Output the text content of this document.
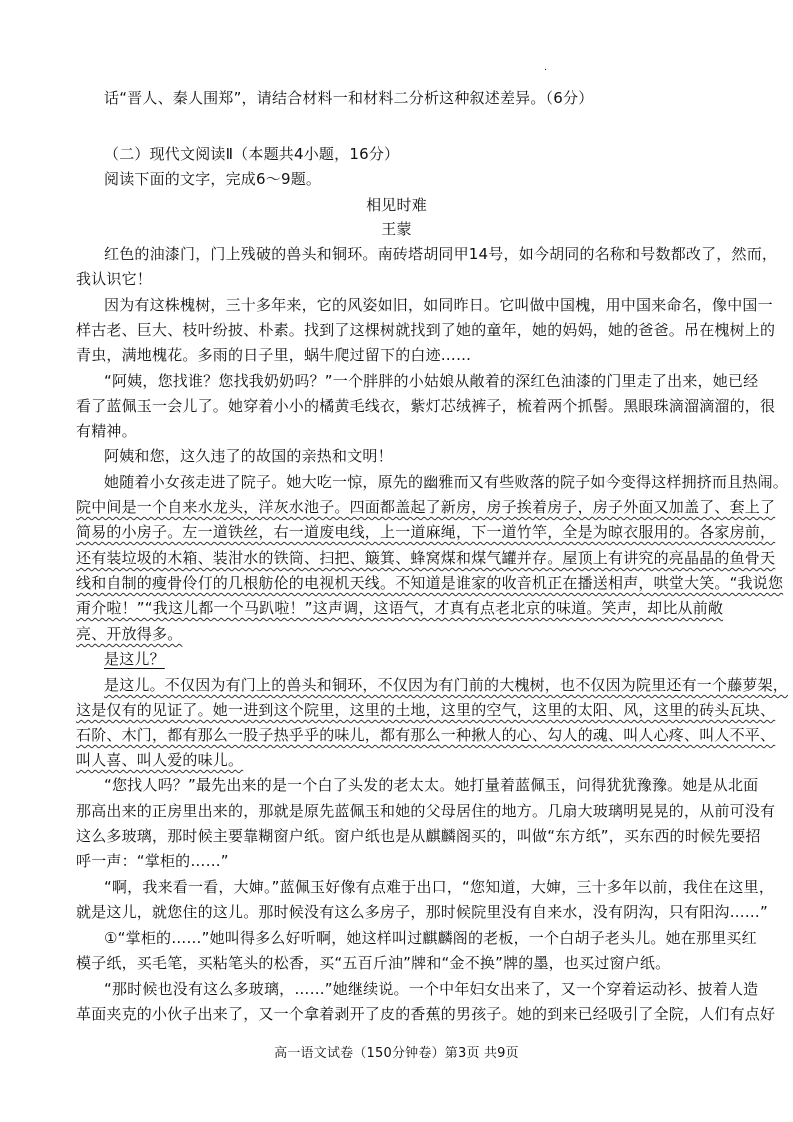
.
话“晋人、秦人围郑”，请结合材料一和材料二分析这种叙述差异。（6分）
（二）现代文阅读Ⅱ（本题共4小题，16分）
阅读下面的文字，完成6～9题。
相见时难
王蒙
红色的油漆门，门上残破的兽头和铜环。南砖塔胡同甲14号，如今胡同的名称和号数都改了，然而，
我认识它！
因为有这株槐树，三十多年来，它的风姿如旧，如同昨日。它叫做中国槐，用中国来命名，像中国一
样古老、巨大、枝叶纷披、朴素。找到了这棵树就找到了她的童年，她的妈妈，她的爸爸。吊在槐树上的
青虫，满地槐花。多雨的日子里，蜗牛爬过留下的白迹……
“阿姨，您找谁？您找我奶奶吗？”一个胖胖的小姑娘从敞着的深红色油漆的门里走了出来，她已经
看了蓝佩玉一会儿了。她穿着小小的橘黄毛线衣，紫灯芯绒裤子，梳着两个抓髻。黑眼珠滴溜滴溜的，很
有精神。
阿姨和您，这久违了的故国的亲热和文明！
她随着小女孩走进了院子。她大吃一惊，原先的幽雅而又有些败落的院子如今变得这样拥挤而且热闹。
院中间是一个自来水龙头，洋灰水池子。四面都盖起了新房，房子挨着房子，房子外面又加盖了、套上了
简易的小房子。左一道铁丝，右一道废电线，上一道麻绳，下一道竹竿，全是为晾衣服用的。各家房前，
还有装垃圾的木箱、装泔水的铁筒、扫把、簸箕、蜂窝煤和煤气罐并存。屋顶上有讲究的亮晶晶的鱼骨天
线和自制的瘦骨伶仃的几根舫伦的电视机天线。不知道是谁家的收音机正在播送相声，哄堂大笑。“我说您
甭介啦！”“我这儿都一个马趴啦！”这声调，这语气，才真有点老北京的味道。笑声，却比从前敞
亮、开放得多。
是这儿？
是这儿。不仅因为有门上的兽头和铜环，不仅因为有门前的大槐树，也不仅因为院里还有一个藤萝架，
这是仅有的见证了。她一进到这个院里，这里的土地，这里的空气，这里的太阳、风，这里的砖头瓦块、
石阶、木门，都有那么一股子热乎乎的味儿，都有那么一种揪人的心、勾人的魂、叫人心疼、叫人不平、
叫人喜、叫人爱的味儿。
“您找人吗？”最先出来的是一个白了头发的老太太。她打量着蓝佩玉，问得犹犹豫豫。她是从北面
那高出来的正房里出来的，那就是原先蓝佩玉和她的父母居住的地方。几扇大玻璃明晃晃的，从前可没有
这么多玻璃，那时候主要靠糊窗户纸。窗户纸也是从麒麟阁买的，叫做“东方纸”，买东西的时候先要招
呼一声：“掌柜的……”
“啊，我来看一看，大婶。”蓝佩玉好像有点难于出口，“您知道，大婶，三十多年以前，我住在这里，
就是这儿，就您住的这儿。那时候没有这么多房子，那时候院里没有自来水，没有阴沟，只有阳沟……”
①“掌柜的……”她叫得多么好听啊，她这样叫过麒麟阁的老板，一个白胡子老头儿。她在那里买红
模子纸，买毛笔，买粘笔头的松香，买“五百斤油”牌和“金不换”牌的墨，也买过窗户纸。
“那时候也没有这么多玻璃，……”她继续说。一个中年妇女出来了，又一个穿着运动衫、披着人造
革面夹克的小伙子出来了，又一个拿着剥开了皮的香蕉的男孩子。她的到来已经吸引了全院，人们有点好
高一语文试卷（150分钟卷）第3页 共9页
